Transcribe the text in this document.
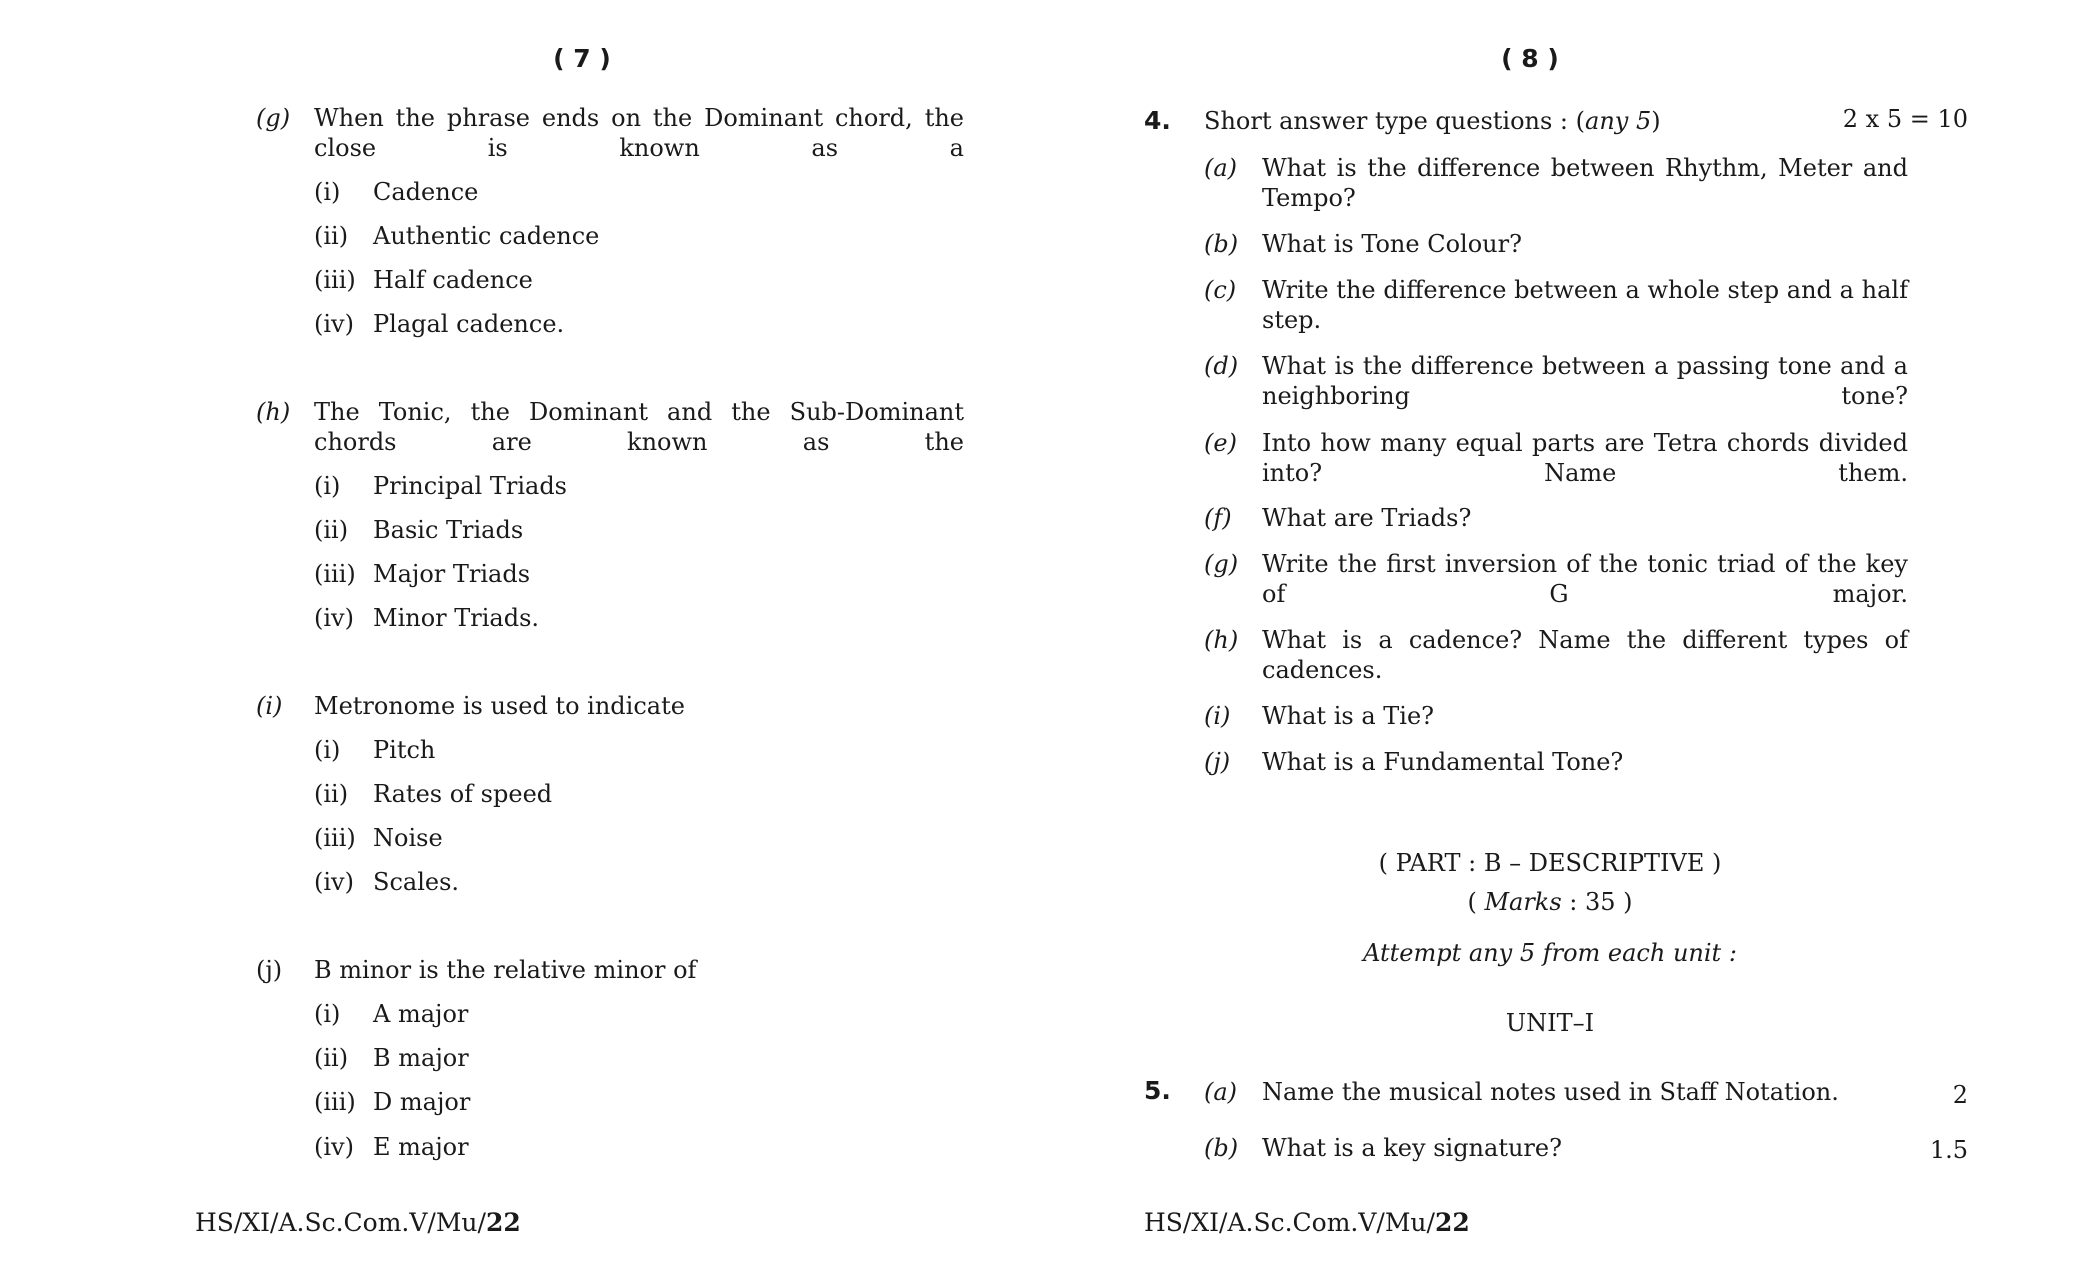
( 7 )
(g) When the phrase ends on the Dominant chord, the close is known as a
(i) Cadence
(ii) Authentic cadence
(iii) Half cadence
(iv) Plagal cadence.
(h) The Tonic, the Dominant and the Sub-Dominant chords are known as the
(i) Principal Triads
(ii) Basic Triads
(iii) Major Triads
(iv) Minor Triads.
(i) Metronome is used to indicate
(i) Pitch
(ii) Rates of speed
(iii) Noise
(iv) Scales.
(j) B minor is the relative minor of
(i) A major
(ii) B major
(iii) D major
(iv) E major
HS/XI/A.Sc.Com.V/Mu/22
( 8 )
4. Short answer type questions : (any 5)	2 x 5 = 10
(a) What is the difference between Rhythm, Meter and Tempo?
(b) What is Tone Colour?
(c) Write the difference between a whole step and a half step.
(d) What is the difference between a passing tone and a neighboring tone?
(e) Into how many equal parts are Tetra chords divided into? Name them.
(f) What are Triads?
(g) Write the first inversion of the tonic triad of the key of G major.
(h) What is a cadence? Name the different types of cadences.
(i) What is a Tie?
(j) What is a Fundamental Tone?
( PART : B – DESCRIPTIVE )
( Marks : 35 )
Attempt any 5 from each unit :
UNIT–I
5. (a) Name the musical notes used in Staff Notation.	2
(b) What is a key signature?	1.5
HS/XI/A.Sc.Com.V/Mu/22
